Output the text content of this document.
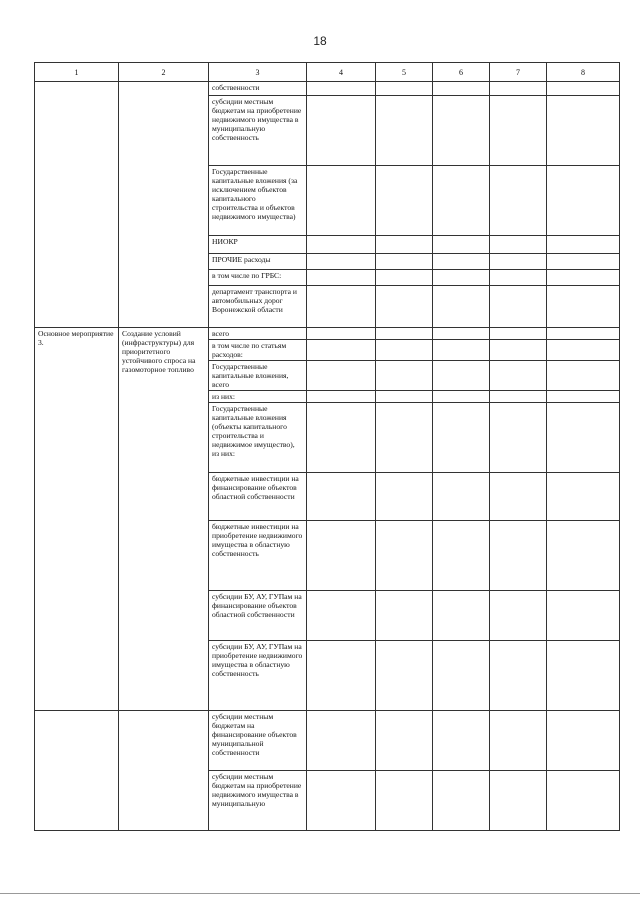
18
1	2	3	4	5	6	7	8
		собственности					
		субсидии местным бюджетам на приобретение недвижимого имущества в муниципальную собственность					
		Государственные капитальные вложения (за исключением объектов капитального строительства и объектов недвижимого имущества)					
		НИОКР					
		ПРОЧИЕ расходы					
		в том числе по ГРБС:					
		департамент транспорта и автомобильных дорог Воронежской области					
Основное мероприятие 3.	Создание условий (инфраструктуры) для приоритетного устойчивого спроса на газомоторное топливо	всего					
		в том числе по статьям расходов:					
		Государственные капитальные вложения, всего					
		из них:					
		Государственные капитальные вложения (объекты капитального строительства и недвижимое имущество), из них:					
		бюджетные инвестиции на финансирование объектов областной собственности					
		бюджетные инвестиции на приобретение недвижимого имущества в областную собственность					
		субсидии БУ, АУ, ГУПам на финансирование объектов областной собственности					
		субсидии БУ, АУ, ГУПам на приобретение недвижимого имущества в областную собственность					
		субсидии местным бюджетам на финансирование объектов муниципальной собственности					
		субсидии местным бюджетам на приобретение недвижимого имущества в муниципальную					
